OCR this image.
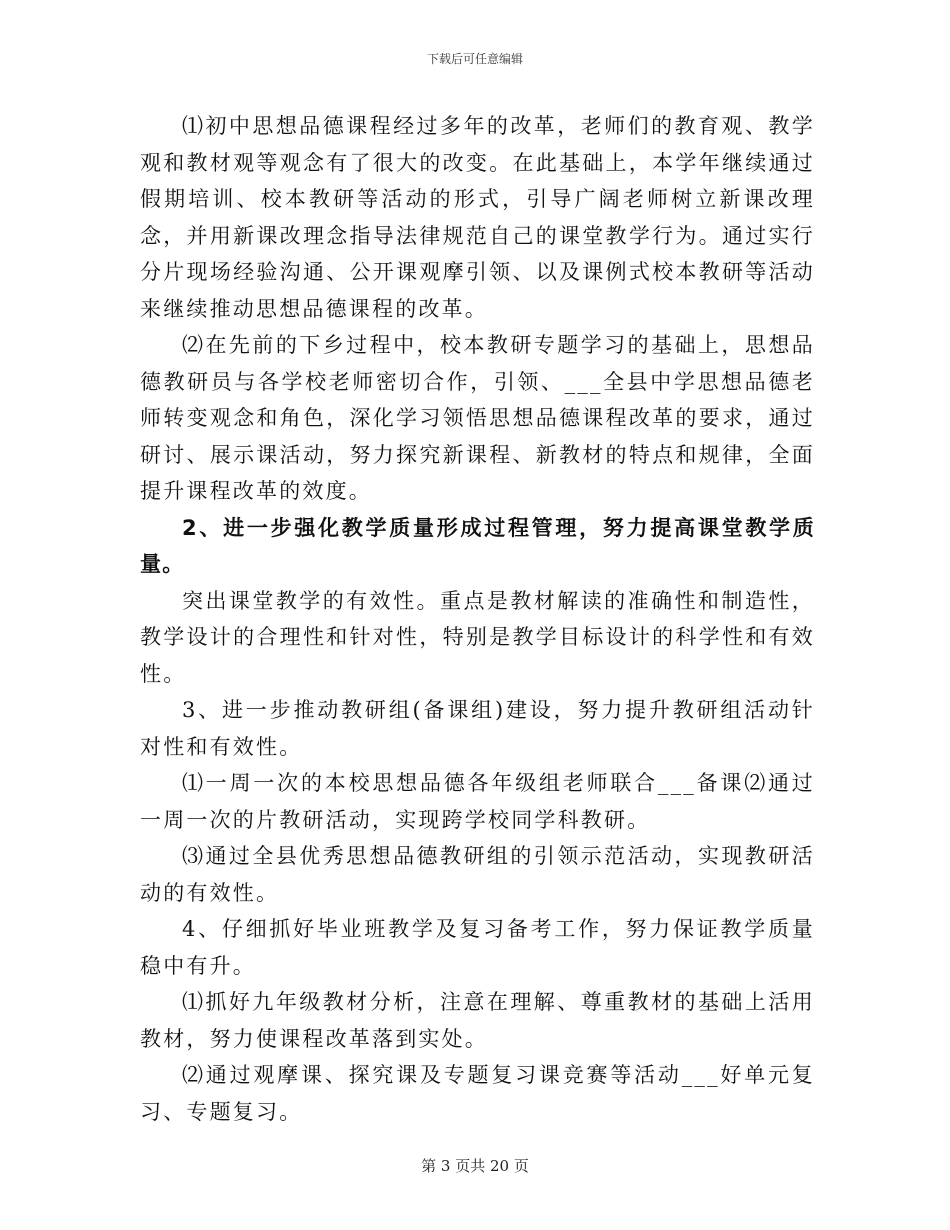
下载后可任意编辑

⑴初中思想品德课程经过多年的改革，老师们的教育观、教学观和教材观等观念有了很大的改变。在此基础上，本学年继续通过假期培训、校本教研等活动的形式，引导广阔老师树立新课改理念，并用新课改理念指导法律规范自己的课堂教学行为。通过实行分片现场经验沟通、公开课观摩引领、以及课例式校本教研等活动来继续推动思想品德课程的改革。

⑵在先前的下乡过程中，校本教研专题学习的基础上，思想品德教研员与各学校老师密切合作，引领、___全县中学思想品德老师转变观念和角色，深化学习领悟思想品德课程改革的要求，通过研讨、展示课活动，努力探究新课程、新教材的特点和规律，全面提升课程改革的效度。

2、进一步强化教学质量形成过程管理，努力提高课堂教学质量。

突出课堂教学的有效性。重点是教材解读的准确性和制造性，教学设计的合理性和针对性，特别是教学目标设计的科学性和有效性。

3、进一步推动教研组(备课组)建设，努力提升教研组活动针对性和有效性。

⑴一周一次的本校思想品德各年级组老师联合___备课⑵通过一周一次的片教研活动，实现跨学校同学科教研。

⑶通过全县优秀思想品德教研组的引领示范活动，实现教研活动的有效性。

4、仔细抓好毕业班教学及复习备考工作，努力保证教学质量稳中有升。

⑴抓好九年级教材分析，注意在理解、尊重教材的基础上活用教材，努力使课程改革落到实处。

⑵通过观摩课、探究课及专题复习课竞赛等活动___好单元复习、专题复习。

第 3 页共 20 页
